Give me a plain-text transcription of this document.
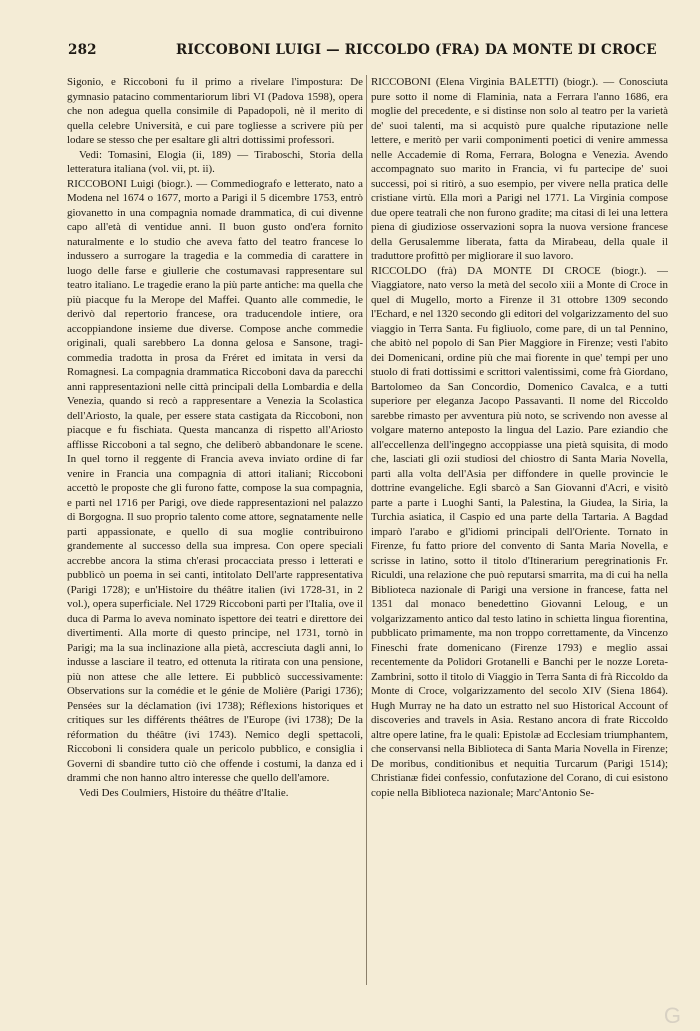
282	RICCOBONI LUIGI — RICCOLDO (FRA) DA MONTE DI CROCE

Sigonio, e Riccoboni fu il primo a rivelare l'impostura: De gymnasio patacino commentariorum libri VI (Padova 1598), opera che non adegua quella consimile di Papadopoli, nè il merito di quella celebre Università, e cui pare togliesse a scrivere più per lodare se stesso che per esaltare gli altri dottissimi professori.

Vedi: Tomasini, Elogia (ii, 189) — Tiraboschi, Storia della letteratura italiana (vol. vii, pt. ii).

RICCOBONI Luigi (biogr.). — Commediografo e letterato, nato a Modena nel 1674 o 1677, morto a Parigi il 5 dicembre 1753, entrò giovanetto in una compagnia nomade drammatica, di cui divenne capo all'età di ventidue anni. Il buon gusto ond'era fornito naturalmente e lo studio che aveva fatto del teatro francese lo indussero a surrogare la tragedia e la commedia di carattere in luogo delle farse e giullerie che costumavasi rappresentare sul teatro italiano. Le tragedie erano la più parte antiche: ma quella che più piacque fu la Merope del Maffei. Quanto alle commedie, le derivò dal repertorio francese, ora traducendole intiere, ora accoppiandone insieme due diverse. Compose anche commedie originali, quali sarebbero La donna gelosa e Sansone, tragi-commedia tradotta in prosa da Fréret ed imitata in versi da Romagnesi. La compagnia drammatica Riccoboni dava da parecchi anni rappresentazioni nelle città principali della Lombardia e della Venezia, quando si recò a rappresentare a Venezia la Scolastica dell'Ariosto, la quale, per essere stata castigata da Riccoboni, non piacque e fu fischiata. Questa mancanza di rispetto all'Ariosto afflisse Riccoboni a tal segno, che deliberò abbandonare le scene. In quel torno il reggente di Francia aveva inviato ordine di far venire in Francia una compagnia di attori italiani; Riccoboni accettò le proposte che gli furono fatte, compose la sua compagnia, e partì nel 1716 per Parigi, ove diede rappresentazioni nel palazzo di Borgogna. Il suo proprio talento come attore, segnatamente nelle parti appassionate, e quello di sua moglie contribuirono grandemente al successo della sua impresa. Con opere speciali accrebbe ancora la stima ch'erasi procacciata presso i letterati e pubblicò un poema in sei canti, intitolato Dell'arte rappresentativa (Parigi 1728); e un'Histoire du théâtre italien (ivi 1728-31, in 2 vol.), opera superficiale. Nel 1729 Riccoboni partì per l'Italia, ove il duca di Parma lo aveva nominato ispettore dei teatri e direttore dei divertimenti. Alla morte di questo principe, nel 1731, tornò in Parigi; ma la sua inclinazione alla pietà, accresciuta dagli anni, lo indusse a lasciare il teatro, ed ottenuta la ritirata con una pensione, più non attese che alle lettere. Ei pubblicò successivamente: Observations sur la comédie et le génie de Molière (Parigi 1736); Pensées sur la déclamation (ivi 1738); Réflexions historiques et critiques sur les différents théâtres de l'Europe (ivi 1738); De la réformation du théâtre (ivi 1743). Nemico degli spettacoli, Riccoboni li considera quale un pericolo pubblico, e consiglia i Governi di sbandire tutto ciò che offende i costumi, la danza ed i drammi che non hanno altro interesse che quello dell'amore.

Vedi Des Coulmiers, Histoire du théâtre d'Italie.

RICCOBONI (Elena Virginia BALETTI) (biogr.). — Conosciuta pure sotto il nome di Flaminia, nata a Ferrara l'anno 1686, era moglie del precedente, e si distinse non solo al teatro per la varietà de' suoi talenti, ma si acquistò pure qualche riputazione nelle lettere, e meritò per varii componimenti poetici di venire ammessa nelle Accademie di Roma, Ferrara, Bologna e Venezia. Avendo accompagnato suo marito in Francia, vi fu partecipe de' suoi successi, poi si ritirò, a suo esempio, per vivere nella pratica delle cristiane virtù. Ella morì a Parigi nel 1771. La Virginia compose due opere teatrali che non furono gradite; ma citasi di lei una lettera piena di giudiziose osservazioni sopra la nuova versione francese della Gerusalemme liberata, fatta da Mirabeau, della quale il traduttore profittò per migliorare il suo lavoro.

RICCOLDO (frà) DA MONTE DI CROCE (biogr.). — Viaggiatore, nato verso la metà del secolo xiii a Monte di Croce in quel di Mugello, morto a Firenze il 31 ottobre 1309 secondo l'Echard, e nel 1320 secondo gli editori del volgarizzamento del suo viaggio in Terra Santa. Fu figliuolo, come pare, di un tal Pennino, che abitò nel popolo di San Pier Maggiore in Firenze; vestì l'abito dei Domenicani, ordine più che mai fiorente in que' tempi per uno stuolo di frati dottissimi e scrittori valentissimi, come frà Giordano, Bartolomeo da San Concordio, Domenico Cavalca, e a tutti superiore per eleganza Jacopo Passavanti. Il nome del Riccoldo sarebbe rimasto per avventura più noto, se scrivendo non avesse al volgare materno anteposto la lingua del Lazio. Pare eziandio che all'eccellenza dell'ingegno accoppiasse una pietà squisita, di modo che, lasciati gli ozii studiosi del chiostro di Santa Maria Novella, partì alla volta dell'Asia per diffondere in quelle provincie le dottrine evangeliche. Egli sbarcò a San Giovanni d'Acri, e visitò parte a parte i Luoghi Santi, la Palestina, la Giudea, la Siria, la Turchia asiatica, il Caspio ed una parte della Tartaria. A Bagdad imparò l'arabo e gl'idiomi principali dell'Oriente. Tornato in Firenze, fu fatto priore del convento di Santa Maria Novella, e scrisse in latino, sotto il titolo d'Itinerarium peregrinationis Fr. Riculdi, una relazione che può reputarsi smarrita, ma di cui ha nella Biblioteca nazionale di Parigi una versione in francese, fatta nel 1351 dal monaco benedettino Giovanni Leloug, e un volgarizzamento antico dal testo latino in schietta lingua fiorentina, pubblicato primamente, ma non troppo correttamente, da Vincenzo Fineschi frate domenicano (Firenze 1793) e meglio assai recentemente da Polidori Grotanelli e Banchi per le nozze Loreta-Zambrini, sotto il titolo di Viaggio in Terra Santa di frà Riccoldo da Monte di Croce, volgarizzamento del secolo XIV (Siena 1864). Hugh Murray ne ha dato un estratto nel suo Historical Account of discoveries and travels in Asia. Restano ancora di frate Riccoldo altre opere latine, fra le quali: Epistolæ ad Ecclesiam triumphantem, che conservansi nella Biblioteca di Santa Maria Novella in Firenze; De moribus, conditionibus et nequitia Turcarum (Parigi 1514); Christianæ fidei confessio, confutazione del Corano, di cui esistono copie nella Biblioteca nazionale; Marc'Antonio Se-

G
